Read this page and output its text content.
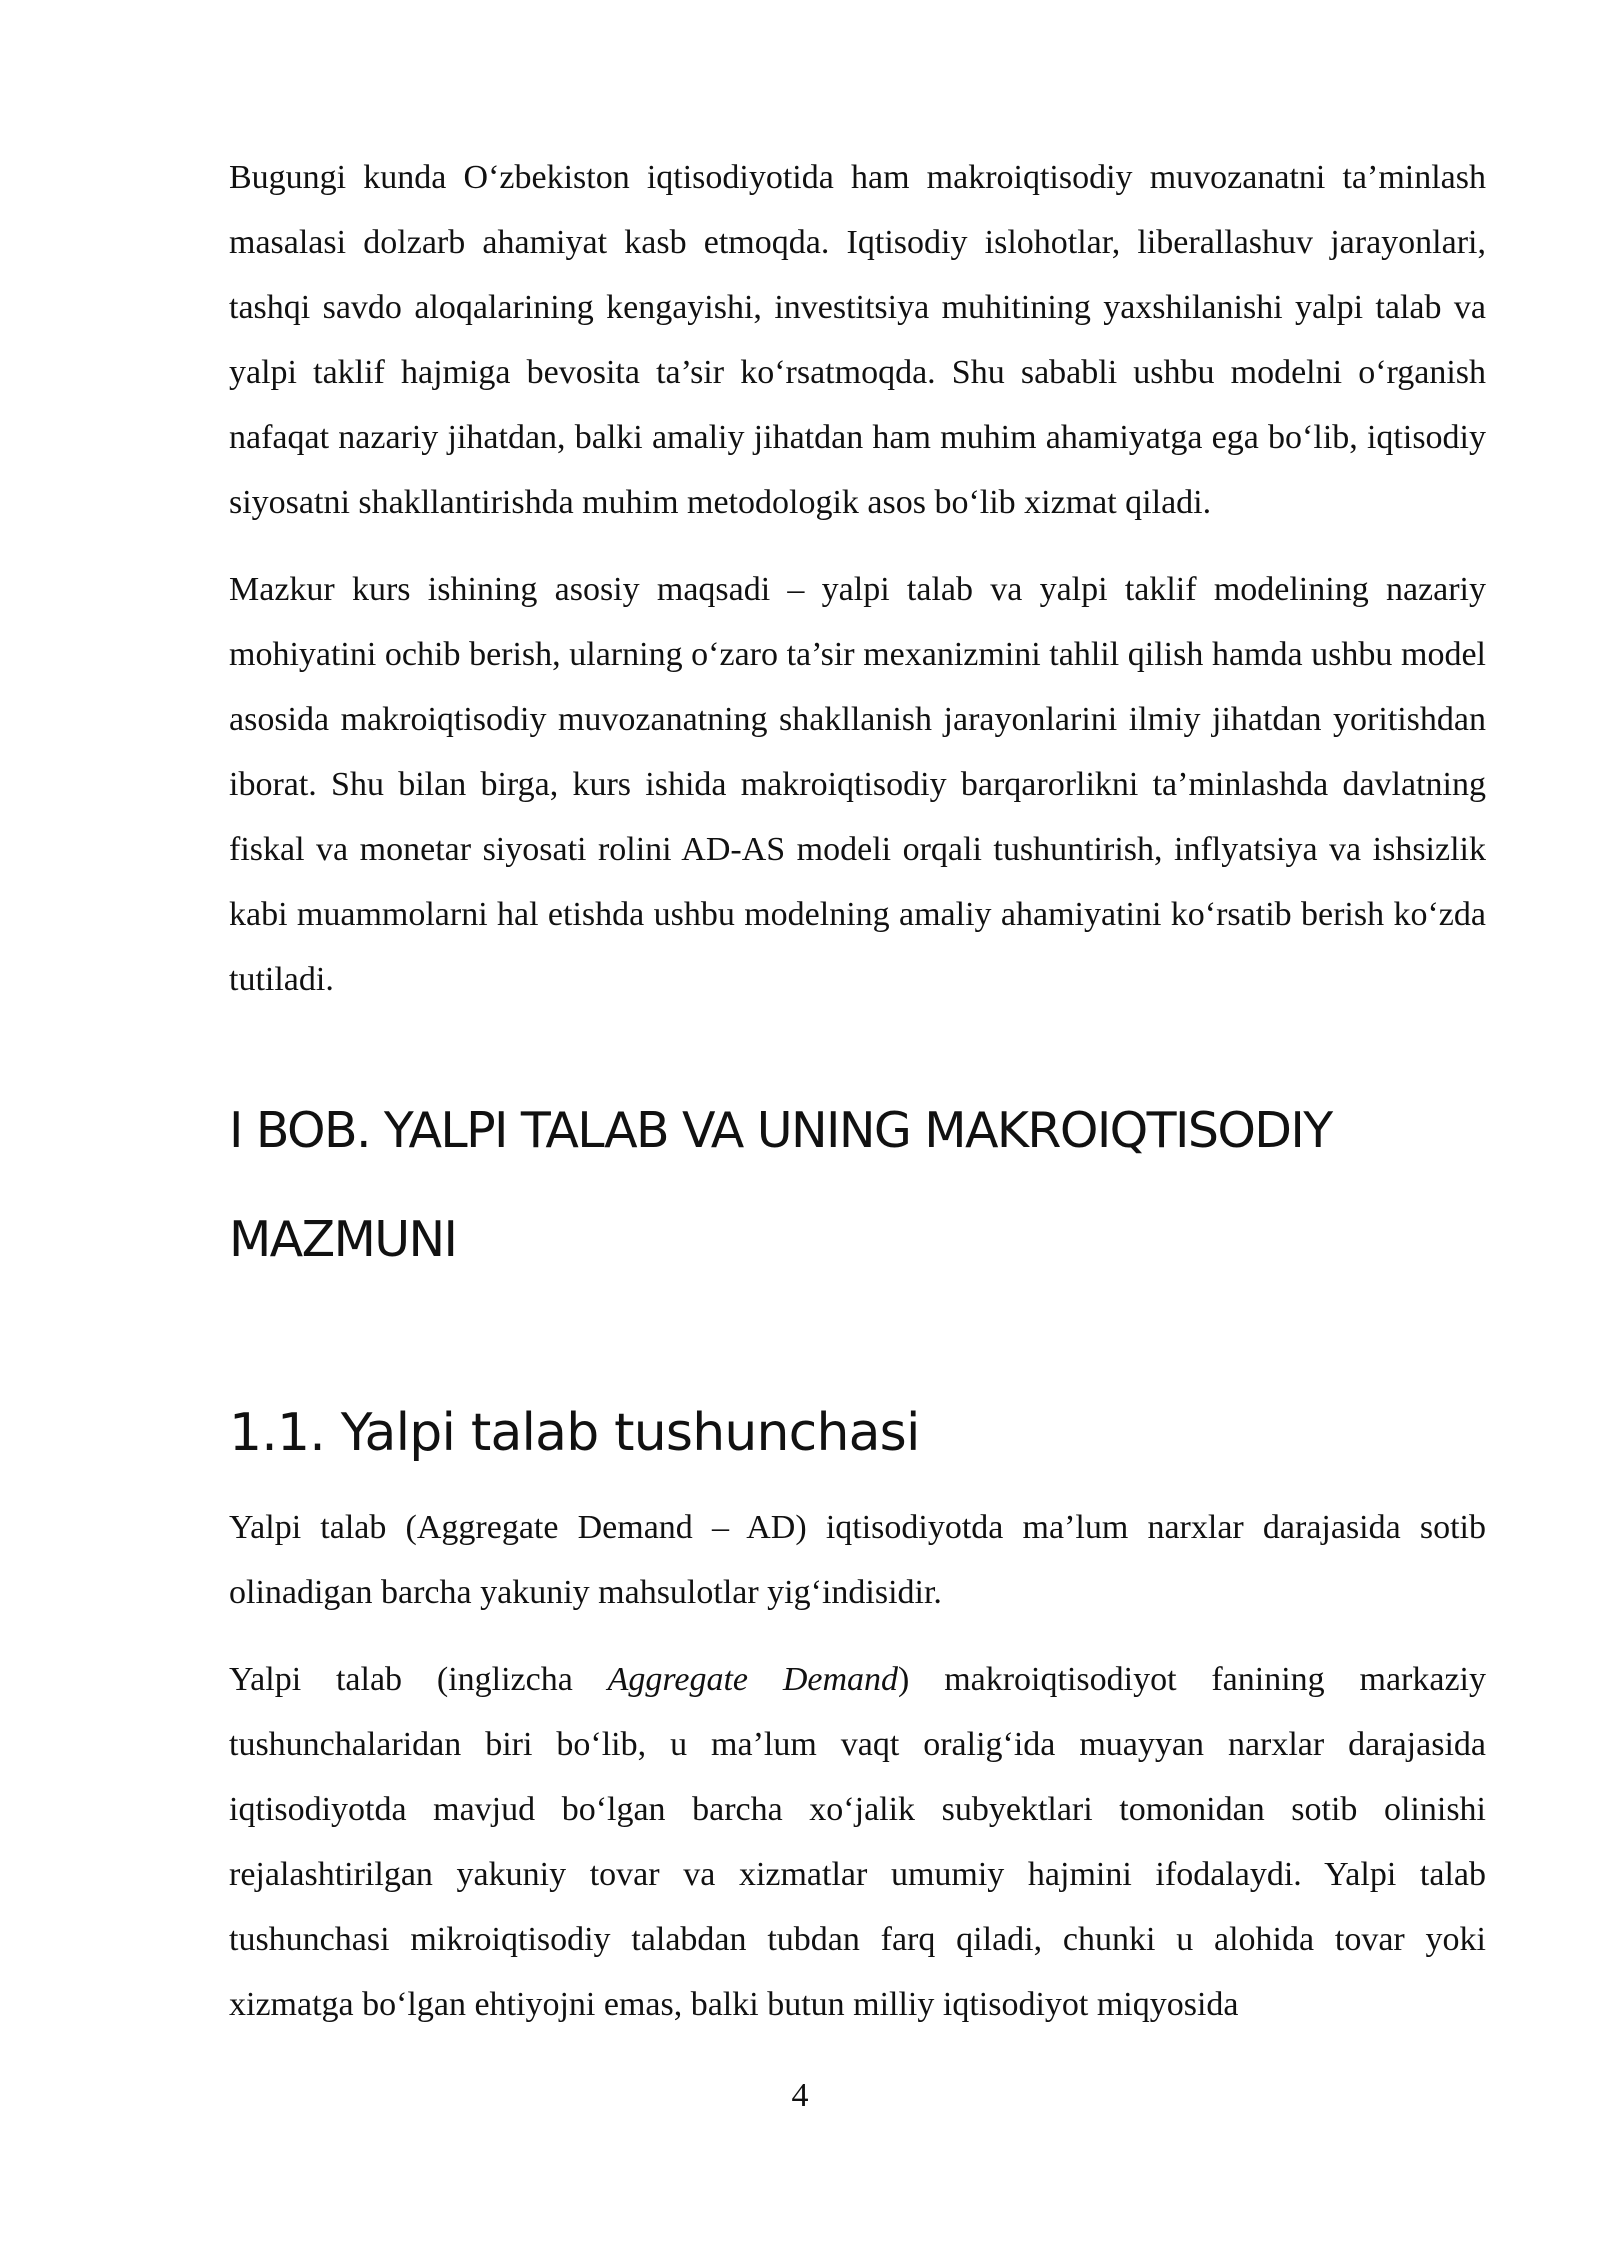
Bugungi kunda O‘zbekiston iqtisodiyotida ham makroiqtisodiy muvozanatni ta’minlash masalasi dolzarb ahamiyat kasb etmoqda. Iqtisodiy islohotlar, liberallashuv jarayonlari, tashqi savdo aloqalarining kengayishi, investitsiya muhitining yaxshilanishi yalpi talab va yalpi taklif hajmiga bevosita ta’sir ko‘rsatmoqda. Shu sababli ushbu modelni o‘rganish nafaqat nazariy jihatdan, balki amaliy jihatdan ham muhim ahamiyatga ega bo‘lib, iqtisodiy siyosatni shakllantirishda muhim metodologik asos bo‘lib xizmat qiladi.

Mazkur kurs ishining asosiy maqsadi – yalpi talab va yalpi taklif modelining nazariy mohiyatini ochib berish, ularning o‘zaro ta’sir mexanizmini tahlil qilish hamda ushbu model asosida makroiqtisodiy muvozanatning shakllanish jarayonlarini ilmiy jihatdan yoritishdan iborat. Shu bilan birga, kurs ishida makroiqtisodiy barqarorlikni ta’minlashda davlatning fiskal va monetar siyosati rolini AD-AS modeli orqali tushuntirish, inflyatsiya va ishsizlik kabi muammolarni hal etishda ushbu modelning amaliy ahamiyatini ko‘rsatib berish ko‘zda tutiladi.

I BOB. YALPI TALAB VA UNING MAKROIQTISODIY MAZMUNI
1.1. Yalpi talab tushunchasi

Yalpi talab (Aggregate Demand – AD) iqtisodiyotda ma’lum narxlar darajasida sotib olinadigan barcha yakuniy mahsulotlar yig‘indisidir.

Yalpi talab (inglizcha Aggregate Demand) makroiqtisodiyot fanining markaziy tushunchalaridan biri bo‘lib, u ma’lum vaqt oralig‘ida muayyan narxlar darajasida iqtisodiyotda mavjud bo‘lgan barcha xo‘jalik subyektlari tomonidan sotib olinishi rejalashtirilgan yakuniy tovar va xizmatlar umumiy hajmini ifodalaydi. Yalpi talab tushunchasi mikroiqtisodiy talabdan tubdan farq qiladi, chunki u alohida tovar yoki xizmatga bo‘lgan ehtiyojni emas, balki butun milliy iqtisodiyot miqyosida

4
